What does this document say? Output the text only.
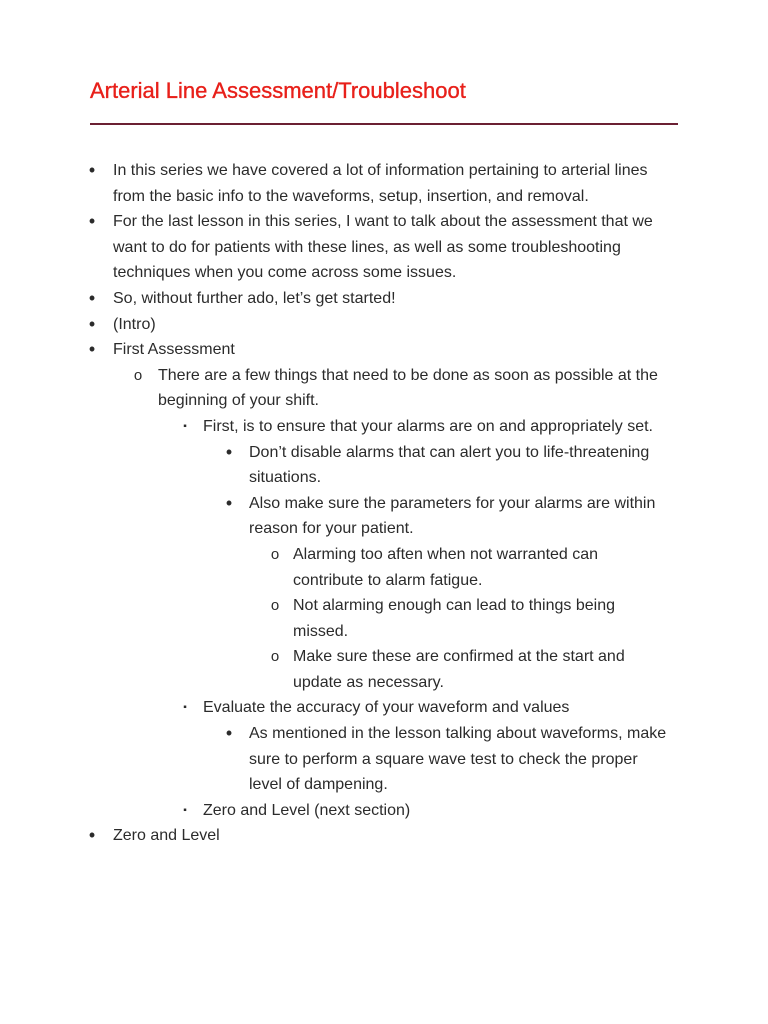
Arterial Line Assessment/Troubleshoot
•	In this series we have covered a lot of information pertaining to arterial lines from the basic info to the waveforms, setup, insertion, and removal.
•	For the last lesson in this series, I want to talk about the assessment that we want to do for patients with these lines, as well as some troubleshooting techniques when you come across some issues.
•	So, without further ado, let’s get started!
•	(Intro)
•	First Assessment
o There are a few things that need to be done as soon as possible at the beginning of your shift.
▪	First, is to ensure that your alarms are on and appropriately set.
•	Don’t disable alarms that can alert you to life-threatening situations.
•	Also make sure the parameters for your alarms are within reason for your patient.
o Alarming too aften when not warranted can contribute to alarm fatigue.
o Not alarming enough can lead to things being missed.
o Make sure these are confirmed at the start and update as necessary.
▪	Evaluate the accuracy of your waveform and values
•	As mentioned in the lesson talking about waveforms, make sure to perform a square wave test to check the proper level of dampening.
▪	Zero and Level (next section)
•	Zero and Level
